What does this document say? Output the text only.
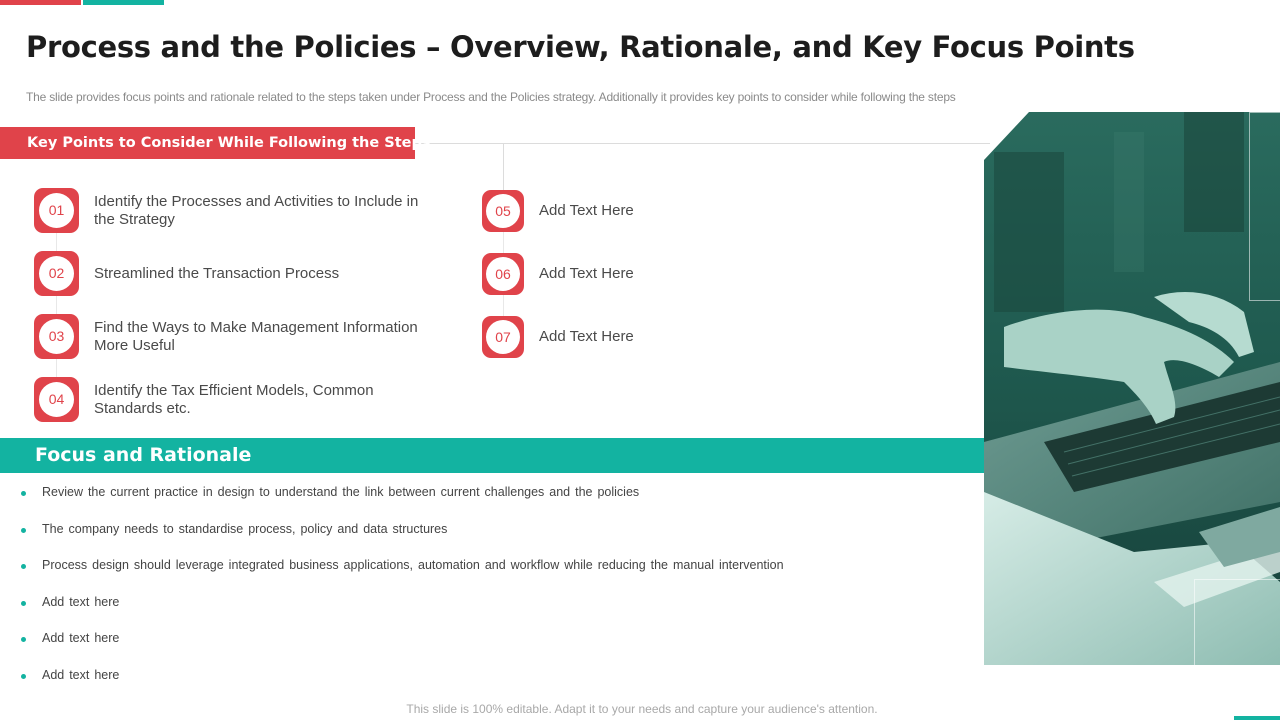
Process and the Policies – Overview, Rationale, and Key Focus Points

The slide provides focus points and rationale related to the steps taken under Process and the Policies strategy. Additionally it provides key points to consider while following the steps

Key Points to Consider While Following the Steps
01
Identify the Processes and Activities to Include in the Strategy
02	Streamlined the Transaction Process
03
Find the Ways to Make Management Information More Useful
04
Identify the Tax Efficient Models, Common Standards etc.
05	Add Text Here
06	Add Text Here
07	Add Text Here
Focus and Rationale
Review the current practice in design to understand the link between current challenges and the policies
The company needs to standardise process, policy and data structures
Process design should leverage integrated business applications, automation and workflow while reducing the manual intervention
Add text here
Add text here
Add text here
This slide is 100% editable. Adapt it to your needs and capture your audience's attention.
